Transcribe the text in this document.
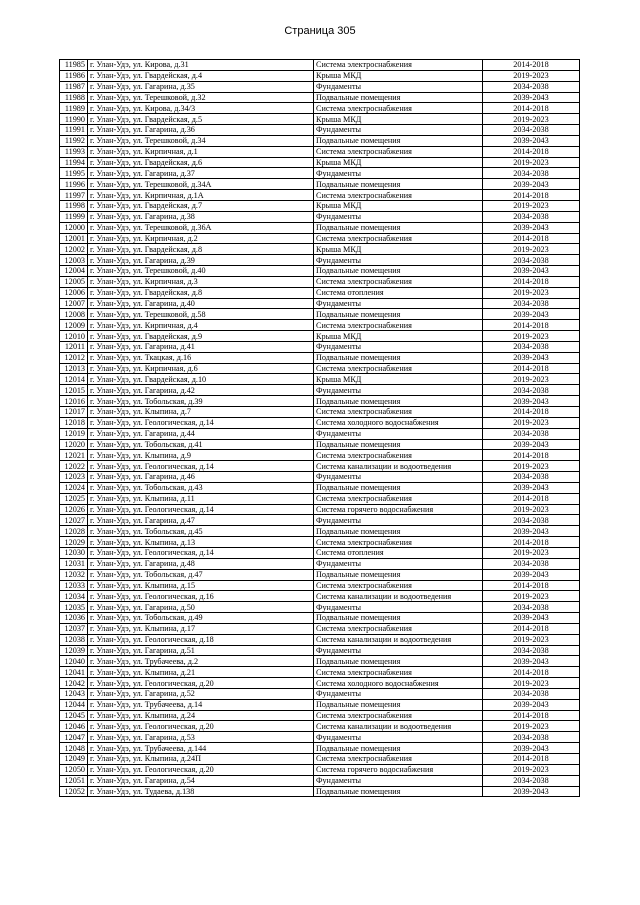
Страница 305
11985	г. Улан-Удэ, ул. Кирова, д.31	Система электроснабжения	2014-2018
11986	г. Улан-Удэ, ул. Гвардейская, д.4	Крыша МКД	2019-2023
11987	г. Улан-Удэ, ул. Гагарина, д.35	Фундаменты	2034-2038
11988	г. Улан-Удэ, ул. Терешковой, д.32	Подвальные помещения	2039-2043
11989	г. Улан-Удэ, ул. Кирова, д.34/3	Система электроснабжения	2014-2018
11990	г. Улан-Удэ, ул. Гвардейская, д.5	Крыша МКД	2019-2023
11991	г. Улан-Удэ, ул. Гагарина, д.36	Фундаменты	2034-2038
11992	г. Улан-Удэ, ул. Терешковой, д.34	Подвальные помещения	2039-2043
11993	г. Улан-Удэ, ул. Кирпичная, д.1	Система электроснабжения	2014-2018
11994	г. Улан-Удэ, ул. Гвардейская, д.6	Крыша МКД	2019-2023
11995	г. Улан-Удэ, ул. Гагарина, д.37	Фундаменты	2034-2038
11996	г. Улан-Удэ, ул. Терешковой, д.34А	Подвальные помещения	2039-2043
11997	г. Улан-Удэ, ул. Кирпичная, д.1А	Система электроснабжения	2014-2018
11998	г. Улан-Удэ, ул. Гвардейская, д.7	Крыша МКД	2019-2023
11999	г. Улан-Удэ, ул. Гагарина, д.38	Фундаменты	2034-2038
12000	г. Улан-Удэ, ул. Терешковой, д.36А	Подвальные помещения	2039-2043
12001	г. Улан-Удэ, ул. Кирпичная, д.2	Система электроснабжения	2014-2018
12002	г. Улан-Удэ, ул. Гвардейская, д.8	Крыша МКД	2019-2023
12003	г. Улан-Удэ, ул. Гагарина, д.39	Фундаменты	2034-2038
12004	г. Улан-Удэ, ул. Терешковой, д.40	Подвальные помещения	2039-2043
12005	г. Улан-Удэ, ул. Кирпичная, д.3	Система электроснабжения	2014-2018
12006	г. Улан-Удэ, ул. Гвардейская, д.8	Система отопления	2019-2023
12007	г. Улан-Удэ, ул. Гагарина, д.40	Фундаменты	2034-2038
12008	г. Улан-Удэ, ул. Терешковой, д.58	Подвальные помещения	2039-2043
12009	г. Улан-Удэ, ул. Кирпичная, д.4	Система электроснабжения	2014-2018
12010	г. Улан-Удэ, ул. Гвардейская, д.9	Крыша МКД	2019-2023
12011	г. Улан-Удэ, ул. Гагарина, д.41	Фундаменты	2034-2038
12012	г. Улан-Удэ, ул. Ткацкая, д.16	Подвальные помещения	2039-2043
12013	г. Улан-Удэ, ул. Кирпичная, д.6	Система электроснабжения	2014-2018
12014	г. Улан-Удэ, ул. Гвардейская, д.10	Крыша МКД	2019-2023
12015	г. Улан-Удэ, ул. Гагарина, д.42	Фундаменты	2034-2038
12016	г. Улан-Удэ, ул. Тобольская, д.39	Подвальные помещения	2039-2043
12017	г. Улан-Удэ, ул. Клыпина, д.7	Система электроснабжения	2014-2018
12018	г. Улан-Удэ, ул. Геологическая, д.14	Система холодного водоснабжения	2019-2023
12019	г. Улан-Удэ, ул. Гагарина, д.44	Фундаменты	2034-2038
12020	г. Улан-Удэ, ул. Тобольская, д.41	Подвальные помещения	2039-2043
12021	г. Улан-Удэ, ул. Клыпина, д.9	Система электроснабжения	2014-2018
12022	г. Улан-Удэ, ул. Геологическая, д.14	Система канализации и водоотведения	2019-2023
12023	г. Улан-Удэ, ул. Гагарина, д.46	Фундаменты	2034-2038
12024	г. Улан-Удэ, ул. Тобольская, д.43	Подвальные помещения	2039-2043
12025	г. Улан-Удэ, ул. Клыпина, д.11	Система электроснабжения	2014-2018
12026	г. Улан-Удэ, ул. Геологическая, д.14	Система горячего водоснабжения	2019-2023
12027	г. Улан-Удэ, ул. Гагарина, д.47	Фундаменты	2034-2038
12028	г. Улан-Удэ, ул. Тобольская, д.45	Подвальные помещения	2039-2043
12029	г. Улан-Удэ, ул. Клыпина, д.13	Система электроснабжения	2014-2018
12030	г. Улан-Удэ, ул. Геологическая, д.14	Система отопления	2019-2023
12031	г. Улан-Удэ, ул. Гагарина, д.48	Фундаменты	2034-2038
12032	г. Улан-Удэ, ул. Тобольская, д.47	Подвальные помещения	2039-2043
12033	г. Улан-Удэ, ул. Клыпина, д.15	Система электроснабжения	2014-2018
12034	г. Улан-Удэ, ул. Геологическая, д.16	Система канализации и водоотведения	2019-2023
12035	г. Улан-Удэ, ул. Гагарина, д.50	Фундаменты	2034-2038
12036	г. Улан-Удэ, ул. Тобольская, д.49	Подвальные помещения	2039-2043
12037	г. Улан-Удэ, ул. Клыпина, д.17	Система электроснабжения	2014-2018
12038	г. Улан-Удэ, ул. Геологическая, д.18	Система канализации и водоотведения	2019-2023
12039	г. Улан-Удэ, ул. Гагарина, д.51	Фундаменты	2034-2038
12040	г. Улан-Удэ, ул. Трубачеева, д.2	Подвальные помещения	2039-2043
12041	г. Улан-Удэ, ул. Клыпина, д.21	Система электроснабжения	2014-2018
12042	г. Улан-Удэ, ул. Геологическая, д.20	Система холодного водоснабжения	2019-2023
12043	г. Улан-Удэ, ул. Гагарина, д.52	Фундаменты	2034-2038
12044	г. Улан-Удэ, ул. Трубачеева, д.14	Подвальные помещения	2039-2043
12045	г. Улан-Удэ, ул. Клыпина, д.24	Система электроснабжения	2014-2018
12046	г. Улан-Удэ, ул. Геологическая, д.20	Система канализации и водоотведения	2019-2023
12047	г. Улан-Удэ, ул. Гагарина, д.53	Фундаменты	2034-2038
12048	г. Улан-Удэ, ул. Трубачеева, д.144	Подвальные помещения	2039-2043
12049	г. Улан-Удэ, ул. Клыпина, д.24П	Система электроснабжения	2014-2018
12050	г. Улан-Удэ, ул. Геологическая, д.20	Система горячего водоснабжения	2019-2023
12051	г. Улан-Удэ, ул. Гагарина, д.54	Фундаменты	2034-2038
12052	г. Улан-Удэ, ул. Тудаева, д.138	Подвальные помещения	2039-2043
